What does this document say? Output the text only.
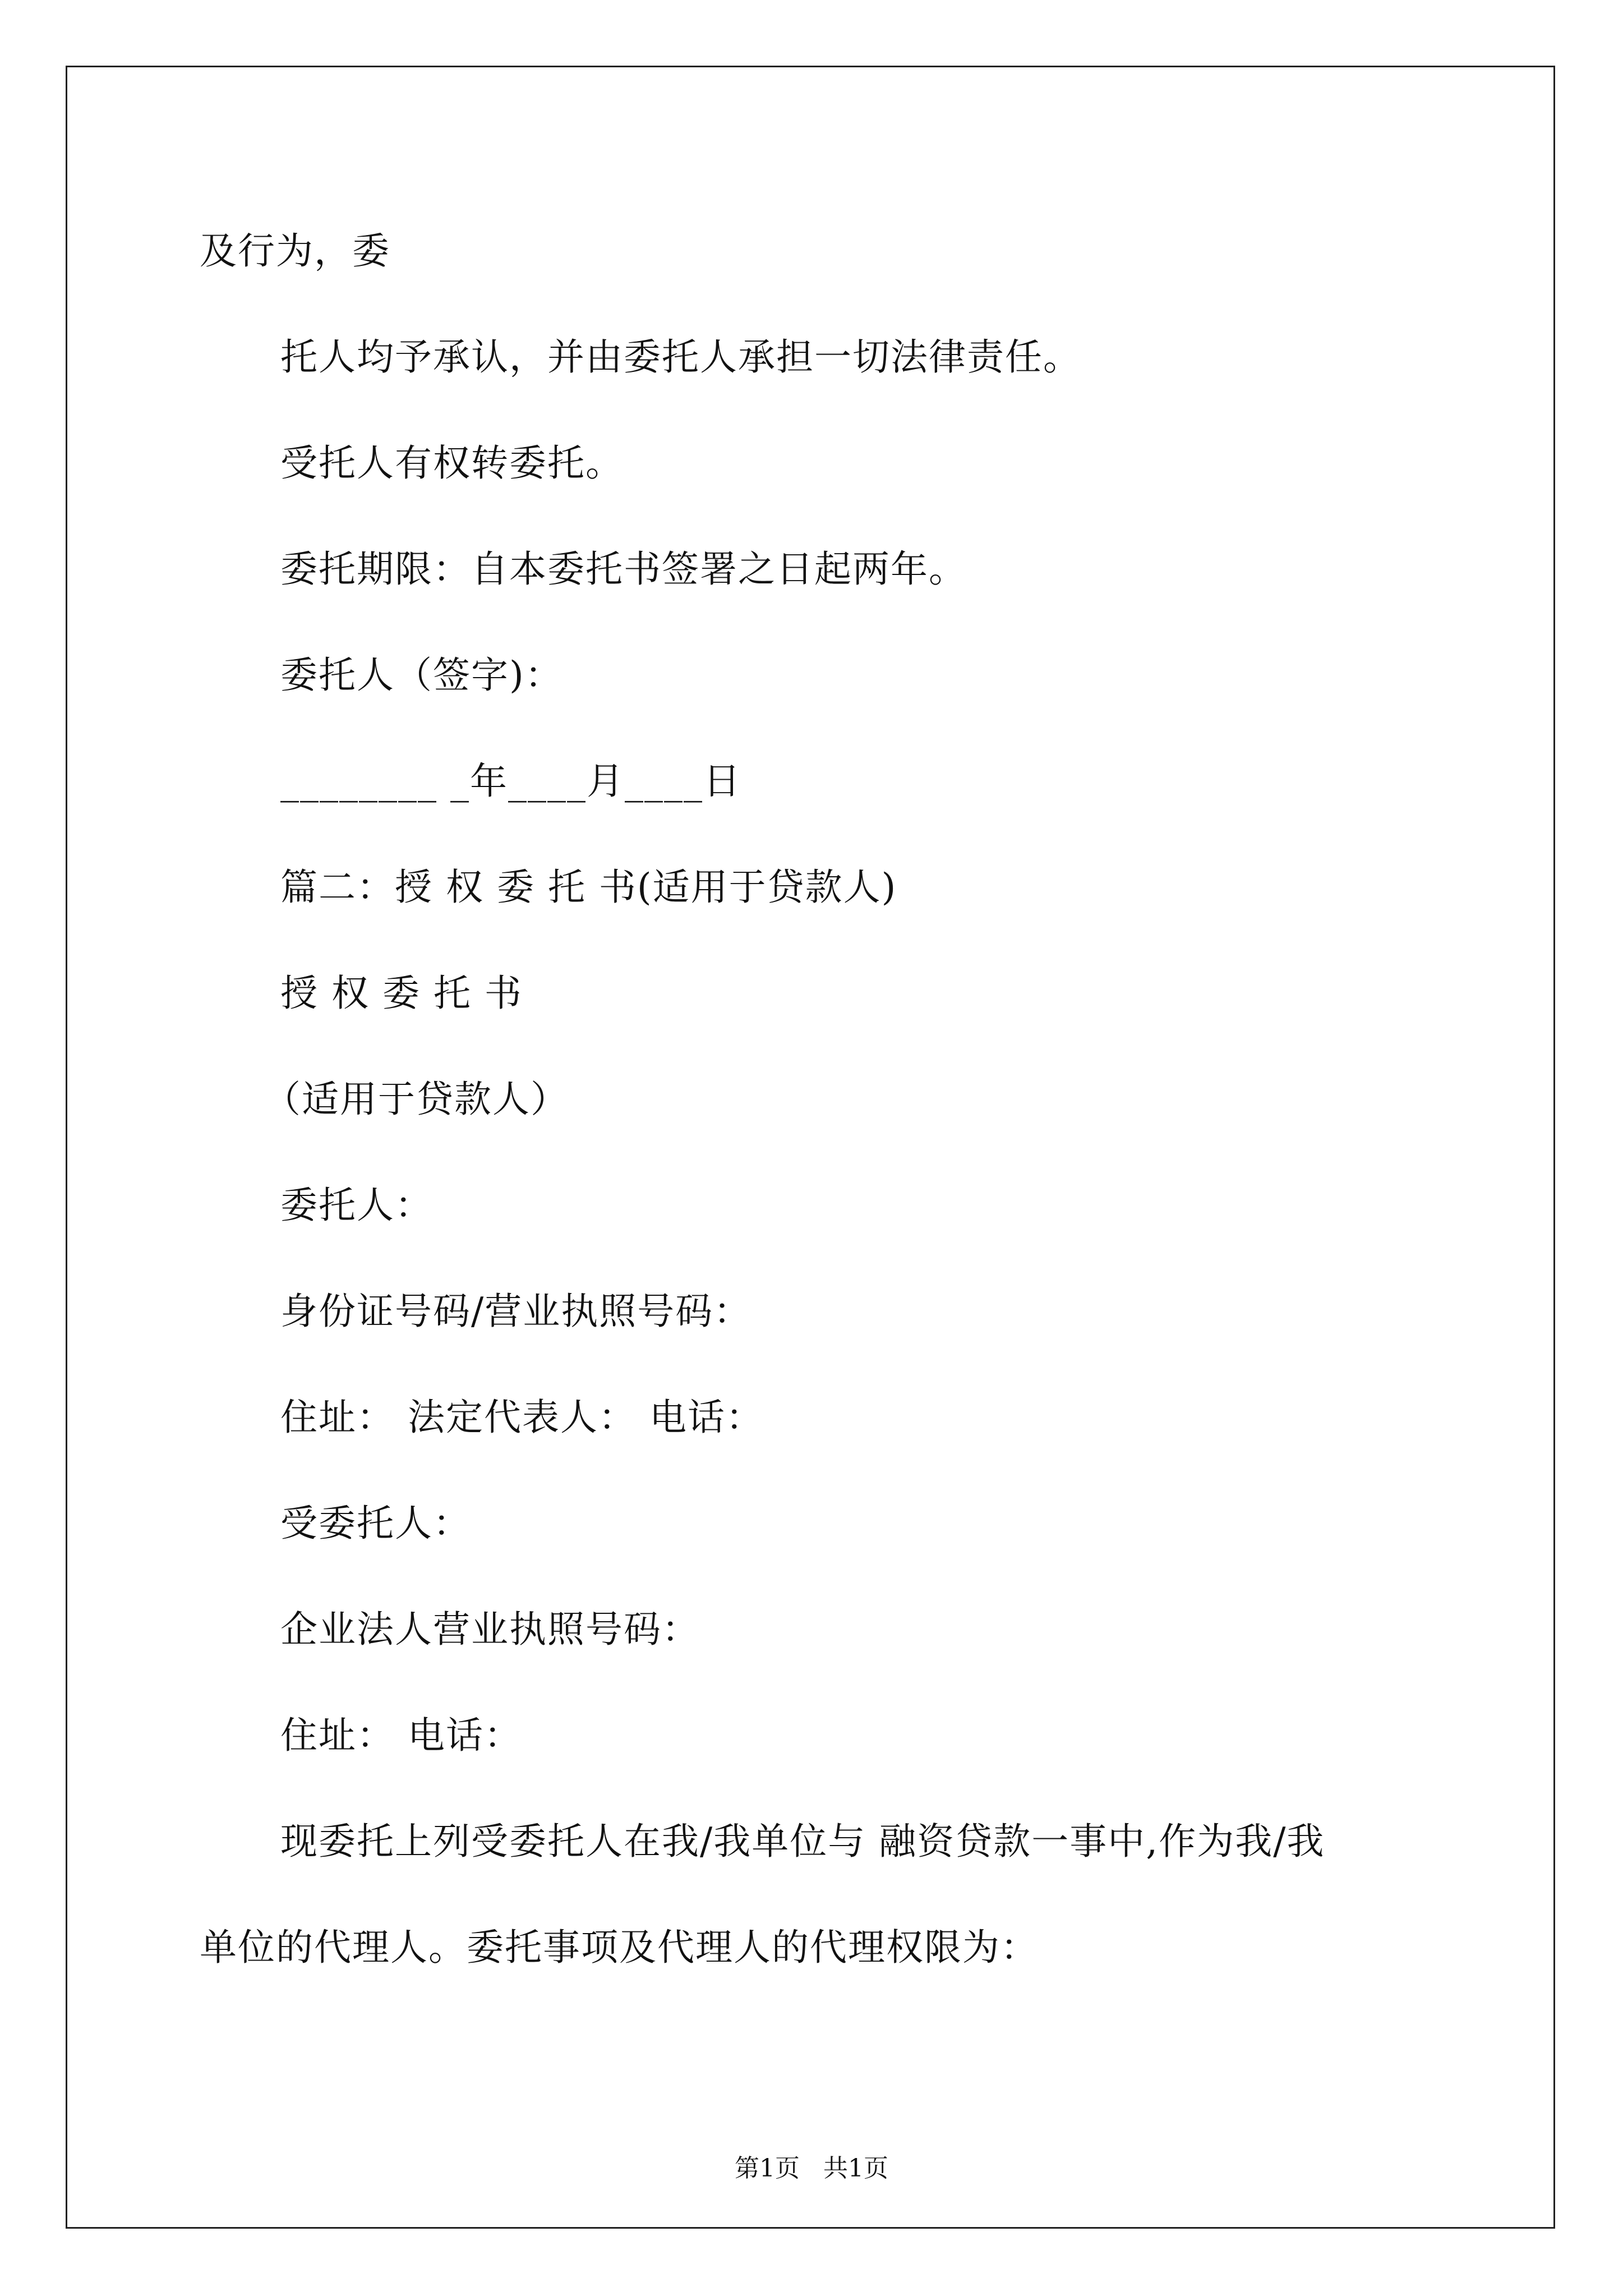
及行为，委
托人均予承认，并由委托人承担一切法律责任。
受托人有权转委托。
委托期限：自本委托书签署之日起两年。
委托人（签字)：
________ _年____月____日
篇二：授 权 委 托 书(适用于贷款人)
授 权 委 托 书
（适用于贷款人）
委托人：
身份证号码/营业执照号码：
住址： 法定代表人： 电话：
受委托人：
企业法人营业执照号码：
住址： 电话：
现委托上列受委托人在我/我单位与 融资贷款一事中,作为我/我
单位的代理人。委托事项及代理人的代理权限为：
第1页   共1页
